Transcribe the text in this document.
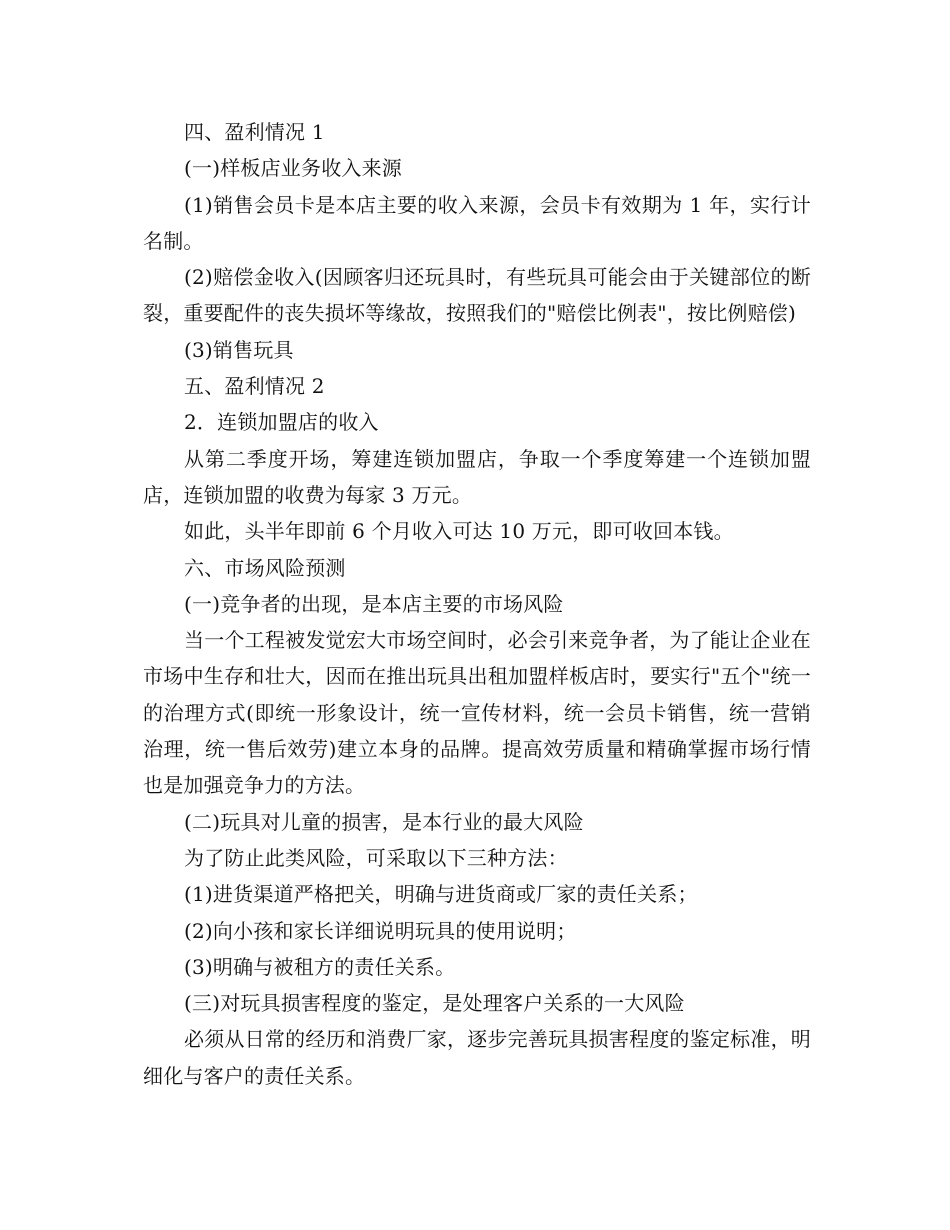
四、盈利情况 1

(一)样板店业务收入来源

(1)销售会员卡是本店主要的收入来源，会员卡有效期为 1 年，实行计名制。

(2)赔偿金收入(因顾客归还玩具时，有些玩具可能会由于关键部位的断裂，重要配件的丧失损坏等缘故，按照我们的"赔偿比例表"，按比例赔偿)

(3)销售玩具

五、盈利情况 2

2．连锁加盟店的收入

从第二季度开场，筹建连锁加盟店，争取一个季度筹建一个连锁加盟店，连锁加盟的收费为每家 3 万元。

如此，头半年即前 6 个月收入可达 10 万元，即可收回本钱。

六、市场风险预测

(一)竞争者的出现，是本店主要的市场风险

当一个工程被发觉宏大市场空间时，必会引来竞争者，为了能让企业在市场中生存和壮大，因而在推出玩具出租加盟样板店时，要实行"五个"统一的治理方式(即统一形象设计，统一宣传材料，统一会员卡销售，统一营销治理，统一售后效劳)建立本身的品牌。提高效劳质量和精确掌握市场行情也是加强竞争力的方法。

(二)玩具对儿童的损害，是本行业的最大风险

为了防止此类风险，可采取以下三种方法：

(1)进货渠道严格把关，明确与进货商或厂家的责任关系；

(2)向小孩和家长详细说明玩具的使用说明；

(3)明确与被租方的责任关系。

(三)对玩具损害程度的鉴定，是处理客户关系的一大风险

必须从日常的经历和消费厂家，逐步完善玩具损害程度的鉴定标准，明细化与客户的责任关系。
